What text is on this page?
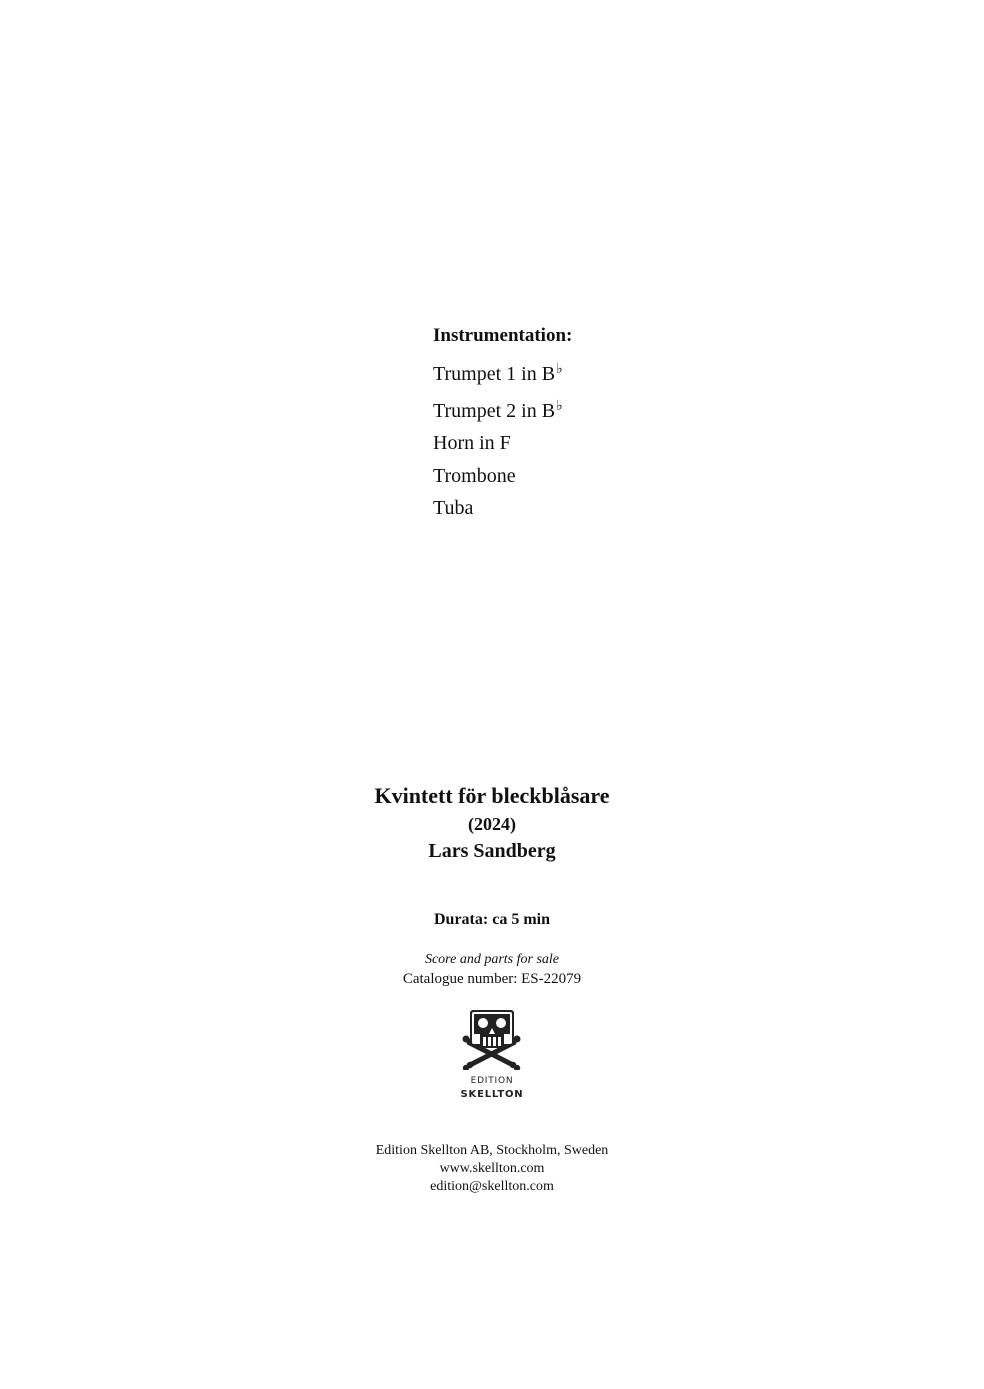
Instrumentation:
Trumpet 1 in B♭
Trumpet 2 in B♭
Horn in F
Trombone
Tuba
Kvintett för bleckblåsare
(2024)
Lars Sandberg
Durata: ca 5 min
Score and parts for sale
Catalogue number: ES-22079
EDITION
SKELLTON
Edition Skellton AB, Stockholm, Sweden
www.skellton.com
edition@skellton.com
